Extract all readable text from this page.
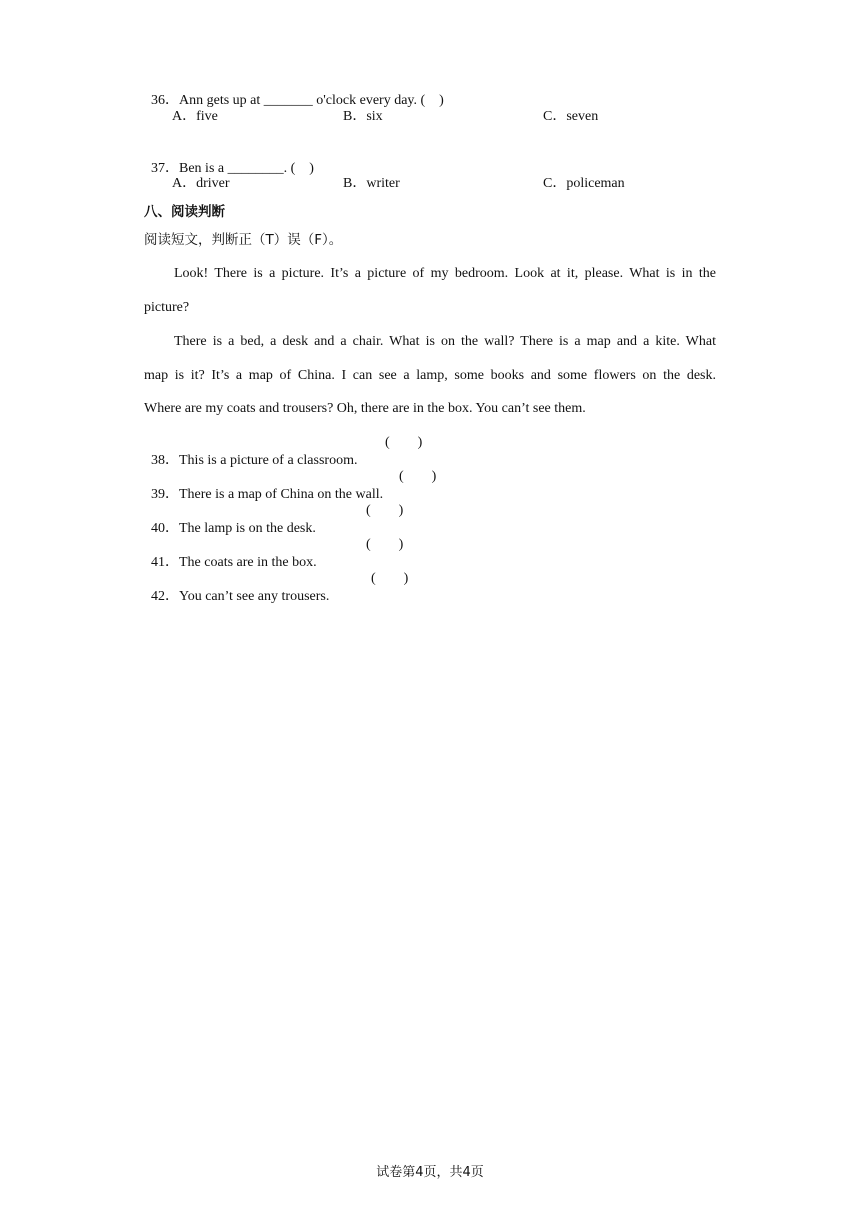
36．Ann gets up at _______ o'clock every day. (    )

A．five	B．six	C．seven

37．Ben is a ________. (    )

A．driver	B．writer	C．policeman
八、阅读判断
阅读短文，判断正（T）误（F）。
Look! There is a picture. It’s a picture of my bedroom. Look at it, please. What is in the
picture?
There is a bed, a desk and a chair. What is on the wall? There is a map and a kite. What
map is it? It’s a map of China. I can see a lamp, some books and some flowers on the desk.
Where are my coats and trousers? Oh, there are in the box. You can’t see them.

38．This is a picture of a classroom.

(        )

39．There is a map of China on the wall.

(        )

40．The lamp is on the desk.

(        )

41．The coats are in the box.

(        )

42．You can’t see any trousers.

(        )
试卷第4页，共4页
